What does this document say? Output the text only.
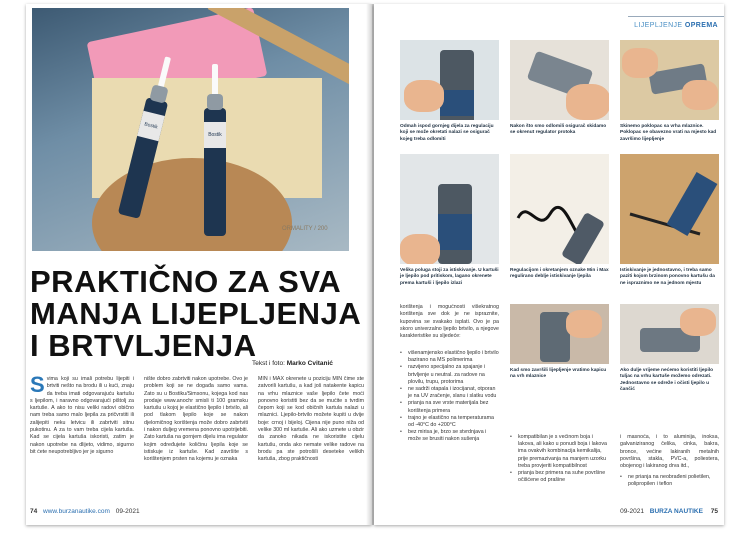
ORMALITY / 200
Bostik
Bostik
PRAKTIČNO ZA SVA
MANJA LIJEPLJENJA
I BRTVLJENJA
Tekst i foto: Marko Cvitanić
S vima koji su imali potrebu lijepiti i brtviti nešto na brodu ili u kući, znaju da treba imati odgovarajuću kartušu s ljepilom, i naravno odgovarajući pištolj za kartuše. A ako to nisu veliki radovi obično nam treba samo malo ljepila za pričvrstiti ili zalijepiti neku letvicu ili zabrtviti sitnu pukotinu. A za to vam treba cijela kartuša. Kad se cijela kartuša iskoristi, zatim je nakon upotrebe na dlijeto, vidimo, sigurno bit ćete neupotrebljivo jer je sigurno
nište dobro zabrtviti nakon upotrebe. Ovo je problem koji se ne događa samo vama. Zato su u Bostiku/Simsonu, kojega kod nas prodaje www.anochr smisli ti 100 gramsku kartušu u kojoj je elastično ljepilo i brtvilo, ali pod tlakom ljepilo koje se nakon djelomičnog korištenja može dobro zabrtviti i nakon duljeg vremena ponovno upotrijebiti. Zato kartuša na gornjem dijelu ima regulator kojim određujete količinu ljepila koje se istiskuje iz kartuše. Kad završite s korištenjem prsten na kojemu je oznaka
MIN i MAX okrenete u poziciju MIN čime ste zatvorili kartušu, a kad još natakente kapicu na vrhu mlaznice vaše ljepilo čete moći ponovno koristiti bez da se mućite s tvrdim čepom koji se kod običnih kartula nalazi u mlaznici. Ljepilo-brtvilo možete kupiti u dvije boje: crnoj i bijeloj. Cijena nije puno niža od velike 300 ml kartuše. Ali ako uzmete u obzir da zanoko nikada ne iskoristite cijelu kartušu, onda ako nemate velike radove na brodu pa ste potrošili deseteke velikih kartuša, zbog praktičnosti
74 www.burzanautike.com 09-2021
LIJEPLJENJE OPREMA
Odmah ispod gornjeg dijela za regulaciju koji se može okretati nalazi se osigurač kojeg treba odlomiti
Nakon što smo odlomili osigurač skidamo se okrenut regulator protoka
Skinemo poklopac sa vrha mlaznice. Poklopac se obavezno vrati na mjesto kad završimo lijepljenje
Velika poluga stoji za istiskivanje. U kartuši je ljepilo pod pritiskom, lagano okrenete prema kartuši i ljepilo izlazi
Regulacijom i okretanjem oznake Min i Max regulirano deblje istiskivanje ljepila
Istiskivanje je jednostavno, i treba samo paziti kojom brzinom ponovno kartušu da ne ispraznimo ne na jednom mjestu
Kad smo završili lijepljenje vratimo kapicu na vrh mlaznice
Ako dulje vrijeme nećemo koristiti ljepilo tuljac na vrhu kartuše možemo odrezati. Jednostavno se odreže i očisti ljepilo u čančić
korištenja i mogućnosti višekratnog korištenja sve dok je ne ispraznite, kupovina se svakako isplati. Ovo je pa skoro univerzalno ljepilo brtvilo, a njegove karakteristike su sljedeće:
• višenamjensko elastično ljepilo i brtvilo bazirano na MS polimerima
• razvijeno specijalno za spajanje i brtvljenje u neutral. za radove na plovilu, trupu, protorima
• ne sadrži otapala i izocijanat, otporan je na UV zračenje, slanu i slatku vodu
• prianja na sve vrste materijala bez korištenja primera
• trajno je elastično na temperaturama od -40°C do +200°C
• bez mirisa je, brzo se stvrdnjava i može se brusiti nakon sušenja
•	kompatibilan je s većinom boja i lakova, ali kako u ponudi boja i lakova ima ovakvih kombinacija kemikalija, prije premazivanja na manjem uzorku treba provjeriti kompatibilnost
• prianja bez primera na suhe površine očišćene od prašine
i masnoća, i to aluminija, inoksa, galvaniziranog čelika, cinka, bakra, bronce, većine lakiranih metalnih površina, stakla, PVC-a, poliestera, obojenog i lakiranog drva itd.,
• ne prianja na neobrađeni polietilen, polipropilen i teflon
09-2021 BURZA NAUTIKE 75
